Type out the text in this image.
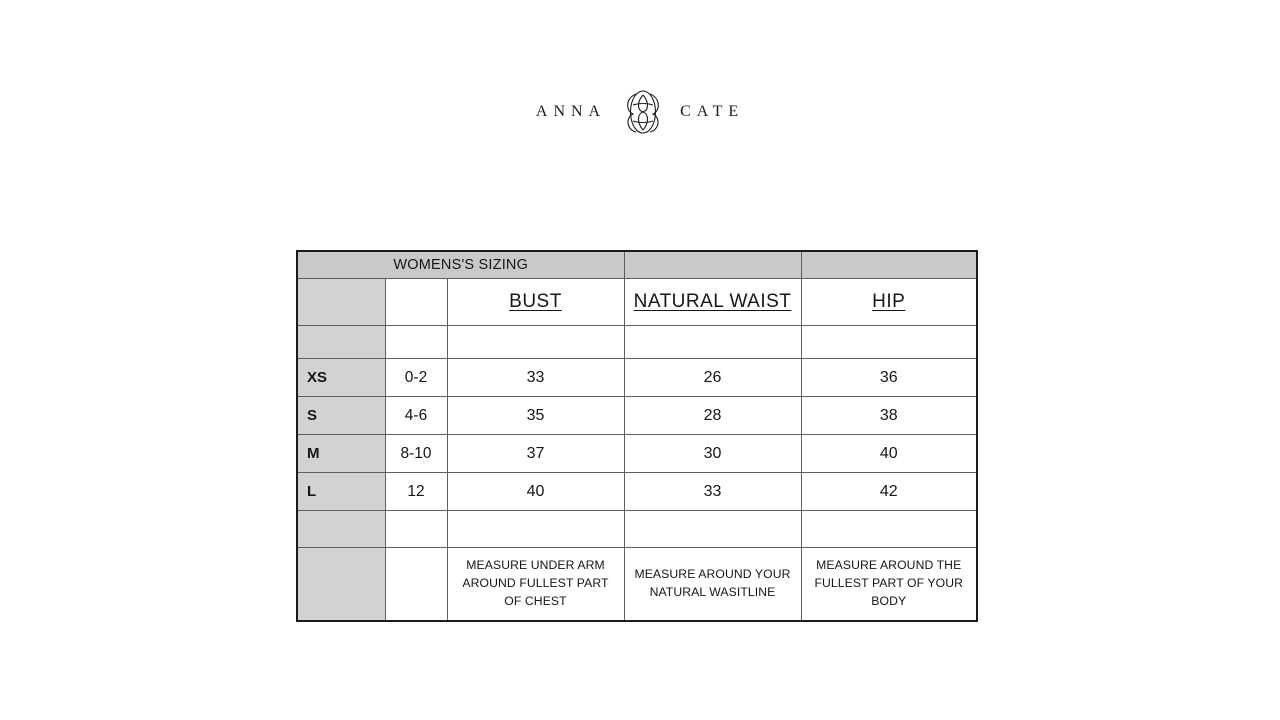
ANNA	CATE
WOMENS'S SIZING				
		BUST	NATURAL WAIST	HIP

XS	0-2	33	26	36
S	4-6	35	28	38
M	8-10	37	30	40
L	12	40	33	42

		MEASURE UNDER ARM AROUND FULLEST PART OF CHEST	MEASURE AROUND YOUR NATURAL WASITLINE	MEASURE AROUND THE FULLEST PART OF YOUR BODY
